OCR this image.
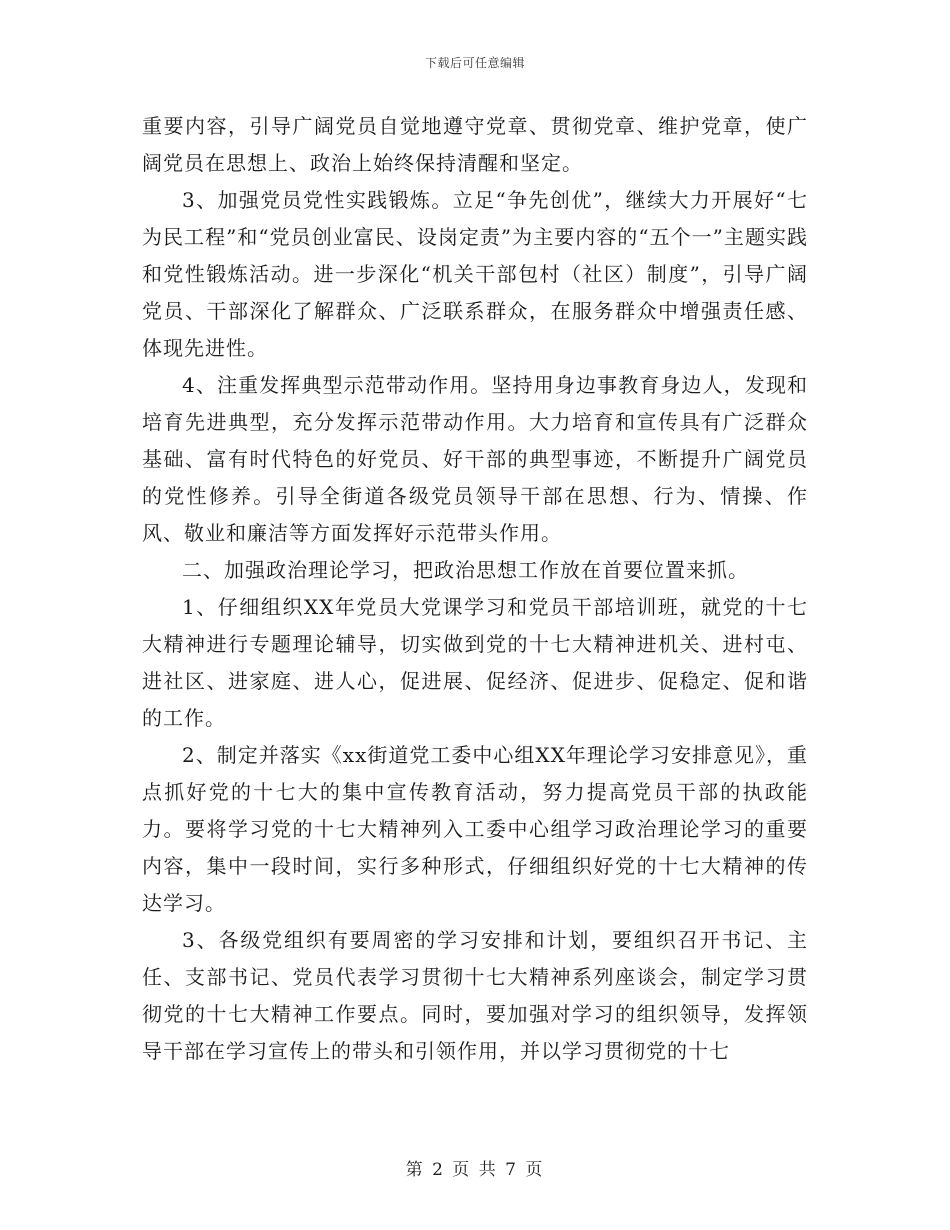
下载后可任意编辑

重要内容，引导广阔党员自觉地遵守党章、贯彻党章、维护党章，使广阔党员在思想上、政治上始终保持清醒和坚定。

3、加强党员党性实践锻炼。立足“争先创优”，继续大力开展好“七为民工程”和“党员创业富民、设岗定责”为主要内容的“五个一”主题实践和党性锻炼活动。进一步深化“机关干部包村（社区）制度”，引导广阔党员、干部深化了解群众、广泛联系群众，在服务群众中增强责任感、体现先进性。

4、注重发挥典型示范带动作用。坚持用身边事教育身边人，发现和培育先进典型，充分发挥示范带动作用。大力培育和宣传具有广泛群众基础、富有时代特色的好党员、好干部的典型事迹，不断提升广阔党员的党性修养。引导全街道各级党员领导干部在思想、行为、情操、作风、敬业和廉洁等方面发挥好示范带头作用。

二、加强政治理论学习，把政治思想工作放在首要位置来抓。

1、仔细组织XX年党员大党课学习和党员干部培训班，就党的十七大精神进行专题理论辅导，切实做到党的十七大精神进机关、进村屯、进社区、进家庭、进人心，促进展、促经济、促进步、促稳定、促和谐的工作。

2、制定并落实《xx街道党工委中心组XX年理论学习安排意见》，重点抓好党的十七大的集中宣传教育活动，努力提高党员干部的执政能力。要将学习党的十七大精神列入工委中心组学习政治理论学习的重要内容，集中一段时间，实行多种形式，仔细组织好党的十七大精神的传达学习。

3、各级党组织有要周密的学习安排和计划，要组织召开书记、主任、支部书记、党员代表学习贯彻十七大精神系列座谈会，制定学习贯彻党的十七大精神工作要点。同时，要加强对学习的组织领导，发挥领导干部在学习宣传上的带头和引领作用，并以学习贯彻党的十七

第 2 页 共 7 页
